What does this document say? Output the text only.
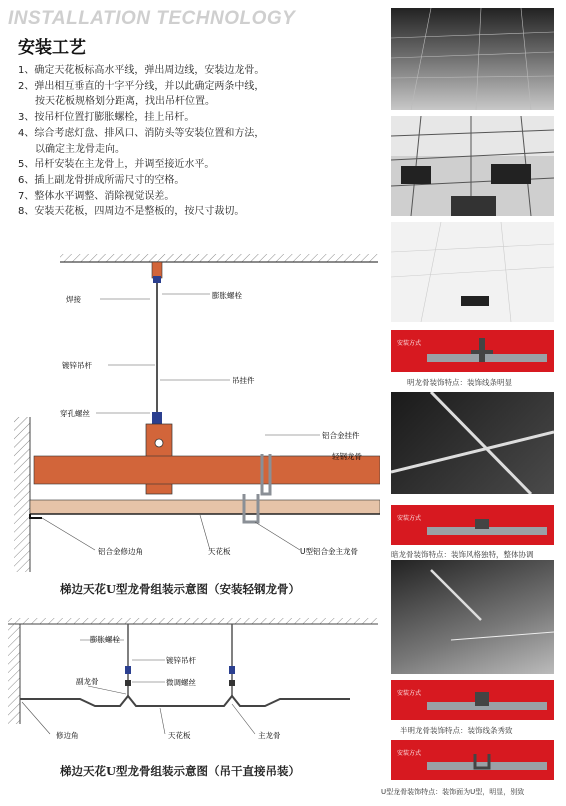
INSTALLATION TECHNOLOGY
安装工艺
1、确定天花板标高水平线，弹出周边线，安装边龙骨。
2、弹出相互垂直的十字平分线，并以此确定两条中线，
按天花板规格划分距离，找出吊杆位置。
3、按吊杆位置打膨胀螺栓，挂上吊杆。
4、综合考虑灯盘、排风口、消防头等安装位置和方法，
以确定主龙骨走向。
5、吊杆安装在主龙骨上，并调至接近水平。
6、插上副龙骨拼成所需尺寸的空格。
7、整体水平调整、消除视觉误差。
8、安装天花板，四周边不是整板的，按尺寸裁切。
焊接	膨胀螺栓
镀锌吊杆
吊挂件
穿孔螺丝
铝合金挂件
轻钢龙骨
铝合金修边角	天花板	U型铝合金主龙骨
梯边天花U型龙骨组装示意图（安装轻钢龙骨）
膨胀螺栓
镀锌吊杆
微调螺丝
副龙骨
修边角	天花板	主龙骨
梯边天花U型龙骨组装示意图（吊干直接吊装）
安装方式
明龙骨装饰特点：装饰线条明显
安装方式
暗龙骨装饰特点：装饰风格独特，整体协调
安装方式
半明龙骨装饰特点：装饰线条秀致
安装方式
U型龙骨装饰特点：装饰面为U型，明显，别致
